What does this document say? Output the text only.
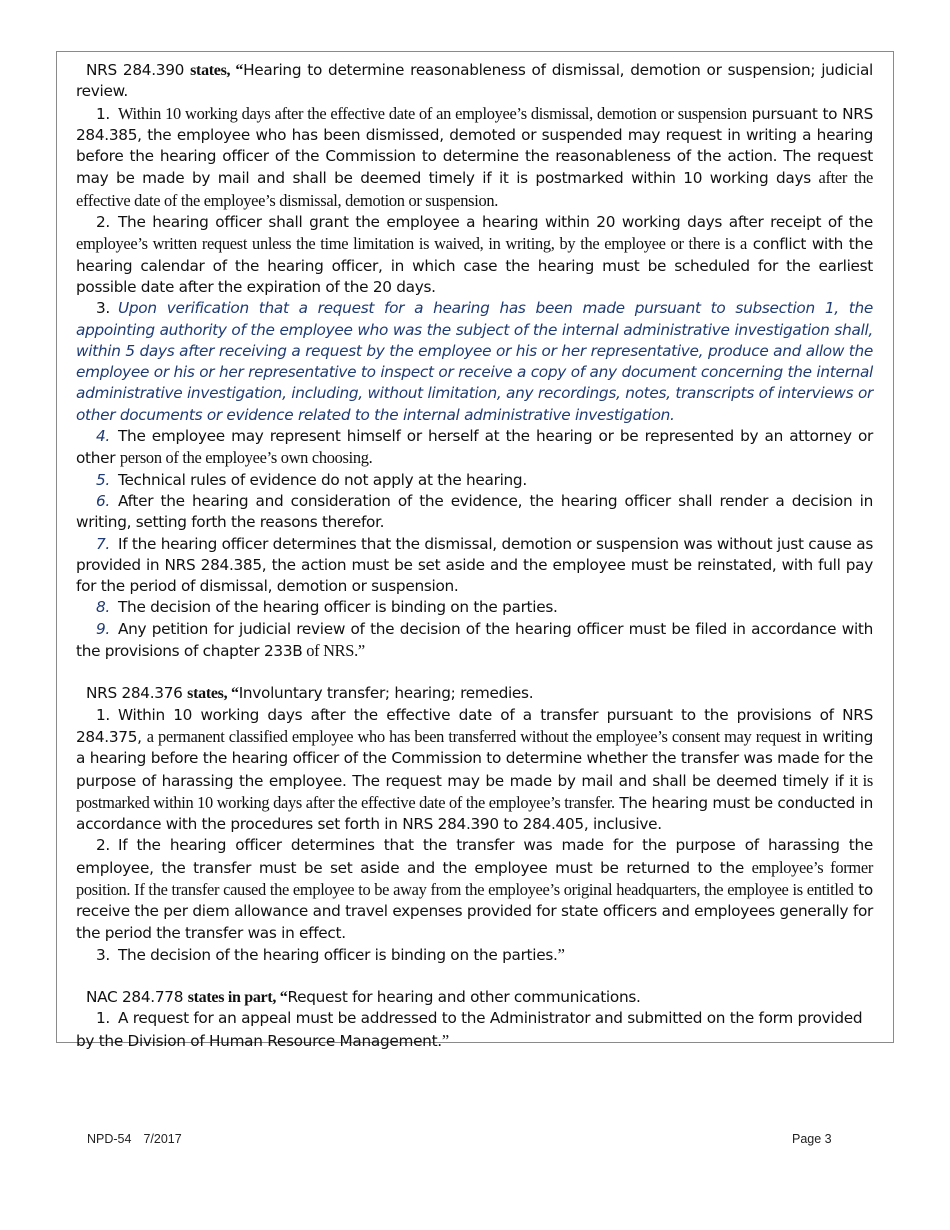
NRS 284.390 states, “Hearing to determine reasonableness of dismissal, demotion or suspension; judicial review.

1. Within 10 working days after the effective date of an employee’s dismissal, demotion or suspension pursuant to NRS 284.385, the employee who has been dismissed, demoted or suspended may request in writing a hearing before the hearing officer of the Commission to determine the reasonableness of the action. The request may be made by mail and shall be deemed timely if it is postmarked within 10 working days after the effective date of the employee’s dismissal, demotion or suspension.

2. The hearing officer shall grant the employee a hearing within 20 working days after receipt of the employee’s written request unless the time limitation is waived, in writing, by the employee or there is a conflict with the hearing calendar of the hearing officer, in which case the hearing must be scheduled for the earliest possible date after the expiration of the 20 days.

3. Upon verification that a request for a hearing has been made pursuant to subsection 1, the appointing authority of the employee who was the subject of the internal administrative investigation shall, within 5 days after receiving a request by the employee or his or her representative, produce and allow the employee or his or her representative to inspect or receive a copy of any document concerning the internal administrative investigation, including, without limitation, any recordings, notes, transcripts of interviews or other documents or evidence related to the internal administrative investigation.

4. The employee may represent himself or herself at the hearing or be represented by an attorney or other person of the employee’s own choosing.

5. Technical rules of evidence do not apply at the hearing.

6. After the hearing and consideration of the evidence, the hearing officer shall render a decision in writing, setting forth the reasons therefor.

7. If the hearing officer determines that the dismissal, demotion or suspension was without just cause as provided in NRS 284.385, the action must be set aside and the employee must be reinstated, with full pay for the period of dismissal, demotion or suspension.

8. The decision of the hearing officer is binding on the parties.

9. Any petition for judicial review of the decision of the hearing officer must be filed in accordance with the provisions of chapter 233B of NRS.”

NRS 284.376 states, “Involuntary transfer; hearing; remedies.

1. Within 10 working days after the effective date of a transfer pursuant to the provisions of NRS 284.375, a permanent classified employee who has been transferred without the employee’s consent may request in writing a hearing before the hearing officer of the Commission to determine whether the transfer was made for the purpose of harassing the employee. The request may be made by mail and shall be deemed timely if it is postmarked within 10 working days after the effective date of the employee’s transfer. The hearing must be conducted in accordance with the procedures set forth in NRS 284.390 to 284.405, inclusive.

2. If the hearing officer determines that the transfer was made for the purpose of harassing the employee, the transfer must be set aside and the employee must be returned to the employee’s former position. If the transfer caused the employee to be away from the employee’s original headquarters, the employee is entitled to receive the per diem allowance and travel expenses provided for state officers and employees generally for the period the transfer was in effect.

3. The decision of the hearing officer is binding on the parties.”

NAC 284.778 states in part, “Request for hearing and other communications.

1. A request for an appeal must be addressed to the Administrator and submitted on the form provided by the Division of Human Resource Management.”

NPD-54 7/2017	Page 3
